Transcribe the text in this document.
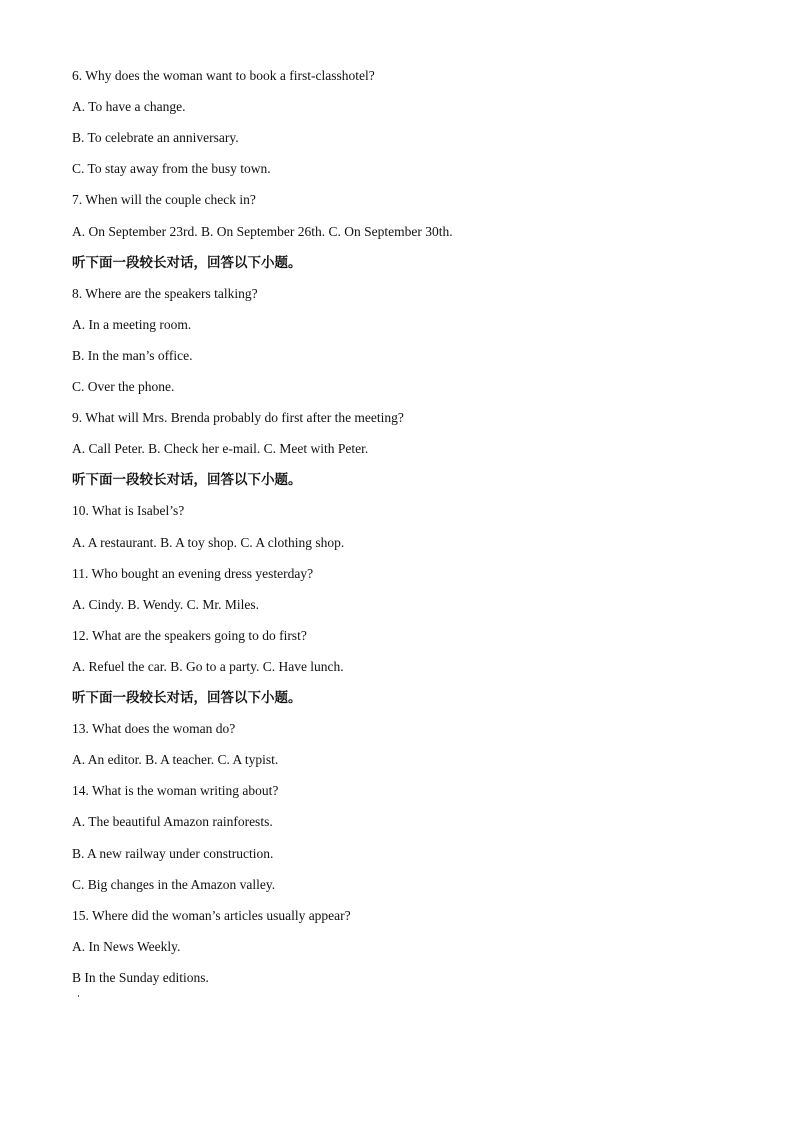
6. Why does the woman want to book a first-classhotel?
A. To have a change.
B. To celebrate an anniversary.
C. To stay away from the busy town.
7. When will the couple check in?
A. On September 23rd. B. On September 26th. C. On September 30th.
听下面一段较长对话，回答以下小题。
8. Where are the speakers talking?
A. In a meeting room.
B. In the man’s office.
C. Over the phone.
9. What will Mrs. Brenda probably do first after the meeting?
A. Call Peter. B. Check her e-mail. C. Meet with Peter.
听下面一段较长对话，回答以下小题。
10. What is Isabel’s?
A. A restaurant. B. A toy shop. C. A clothing shop.
11. Who bought an evening dress yesterday?
A. Cindy. B. Wendy. C. Mr. Miles.
12. What are the speakers going to do first?
A. Refuel the car. B. Go to a party. C. Have lunch.
听下面一段较长对话，回答以下小题。
13. What does the woman do?
A. An editor. B. A teacher. C. A typist.
14. What is the woman writing about?
A. The beautiful Amazon rainforests.
B. A new railway under construction.
C. Big changes in the Amazon valley.
15. Where did the woman’s articles usually appear?
A. In News Weekly.
B In the Sunday editions.
